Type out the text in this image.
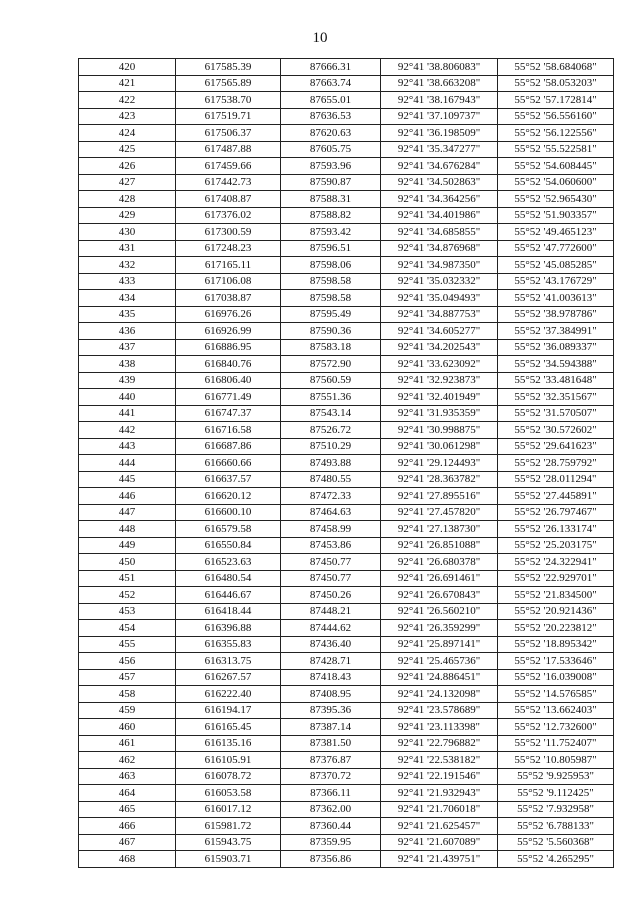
10
420	617585.39	87666.31	92°41 '38.806083"	55°52 '58.684068"
421	617565.89	87663.74	92°41 '38.663208"	55°52 '58.053203"
422	617538.70	87655.01	92°41 '38.167943"	55°52 '57.172814"
423	617519.71	87636.53	92°41 '37.109737"	55°52 '56.556160"
424	617506.37	87620.63	92°41 '36.198509"	55°52 '56.122556"
425	617487.88	87605.75	92°41 '35.347277"	55°52 '55.522581"
426	617459.66	87593.96	92°41 '34.676284"	55°52 '54.608445"
427	617442.73	87590.87	92°41 '34.502863"	55°52 '54.060600"
428	617408.87	87588.31	92°41 '34.364256"	55°52 '52.965430"
429	617376.02	87588.82	92°41 '34.401986"	55°52 '51.903357"
430	617300.59	87593.42	92°41 '34.685855"	55°52 '49.465123"
431	617248.23	87596.51	92°41 '34.876968"	55°52 '47.772600"
432	617165.11	87598.06	92°41 '34.987350"	55°52 '45.085285"
433	617106.08	87598.58	92°41 '35.032332"	55°52 '43.176729"
434	617038.87	87598.58	92°41 '35.049493"	55°52 '41.003613"
435	616976.26	87595.49	92°41 '34.887753"	55°52 '38.978786"
436	616926.99	87590.36	92°41 '34.605277"	55°52 '37.384991"
437	616886.95	87583.18	92°41 '34.202543"	55°52 '36.089337"
438	616840.76	87572.90	92°41 '33.623092"	55°52 '34.594388"
439	616806.40	87560.59	92°41 '32.923873"	55°52 '33.481648"
440	616771.49	87551.36	92°41 '32.401949"	55°52 '32.351567"
441	616747.37	87543.14	92°41 '31.935359"	55°52 '31.570507"
442	616716.58	87526.72	92°41 '30.998875"	55°52 '30.572602"
443	616687.86	87510.29	92°41 '30.061298"	55°52 '29.641623"
444	616660.66	87493.88	92°41 '29.124493"	55°52 '28.759792"
445	616637.57	87480.55	92°41 '28.363782"	55°52 '28.011294"
446	616620.12	87472.33	92°41 '27.895516"	55°52 '27.445891"
447	616600.10	87464.63	92°41 '27.457820"	55°52 '26.797467"
448	616579.58	87458.99	92°41 '27.138730"	55°52 '26.133174"
449	616550.84	87453.86	92°41 '26.851088"	55°52 '25.203175"
450	616523.63	87450.77	92°41 '26.680378"	55°52 '24.322941"
451	616480.54	87450.77	92°41 '26.691461"	55°52 '22.929701"
452	616446.67	87450.26	92°41 '26.670843"	55°52 '21.834500"
453	616418.44	87448.21	92°41 '26.560210"	55°52 '20.921436"
454	616396.88	87444.62	92°41 '26.359299"	55°52 '20.223812"
455	616355.83	87436.40	92°41 '25.897141"	55°52 '18.895342"
456	616313.75	87428.71	92°41 '25.465736"	55°52 '17.533646"
457	616267.57	87418.43	92°41 '24.886451"	55°52 '16.039008"
458	616222.40	87408.95	92°41 '24.132098"	55°52 '14.576585"
459	616194.17	87395.36	92°41 '23.578689"	55°52 '13.662403"
460	616165.45	87387.14	92°41 '23.113398"	55°52 '12.732600"
461	616135.16	87381.50	92°41 '22.796882"	55°52 '11.752407"
462	616105.91	87376.87	92°41 '22.538182"	55°52 '10.805987"
463	616078.72	87370.72	92°41 '22.191546"	55°52 '9.925953"
464	616053.58	87366.11	92°41 '21.932943"	55°52 '9.112425"
465	616017.12	87362.00	92°41 '21.706018"	55°52 '7.932958"
466	615981.72	87360.44	92°41 '21.625457"	55°52 '6.788133"
467	615943.75	87359.95	92°41 '21.607089"	55°52 '5.560368"
468	615903.71	87356.86	92°41 '21.439751"	55°52 '4.265295"
